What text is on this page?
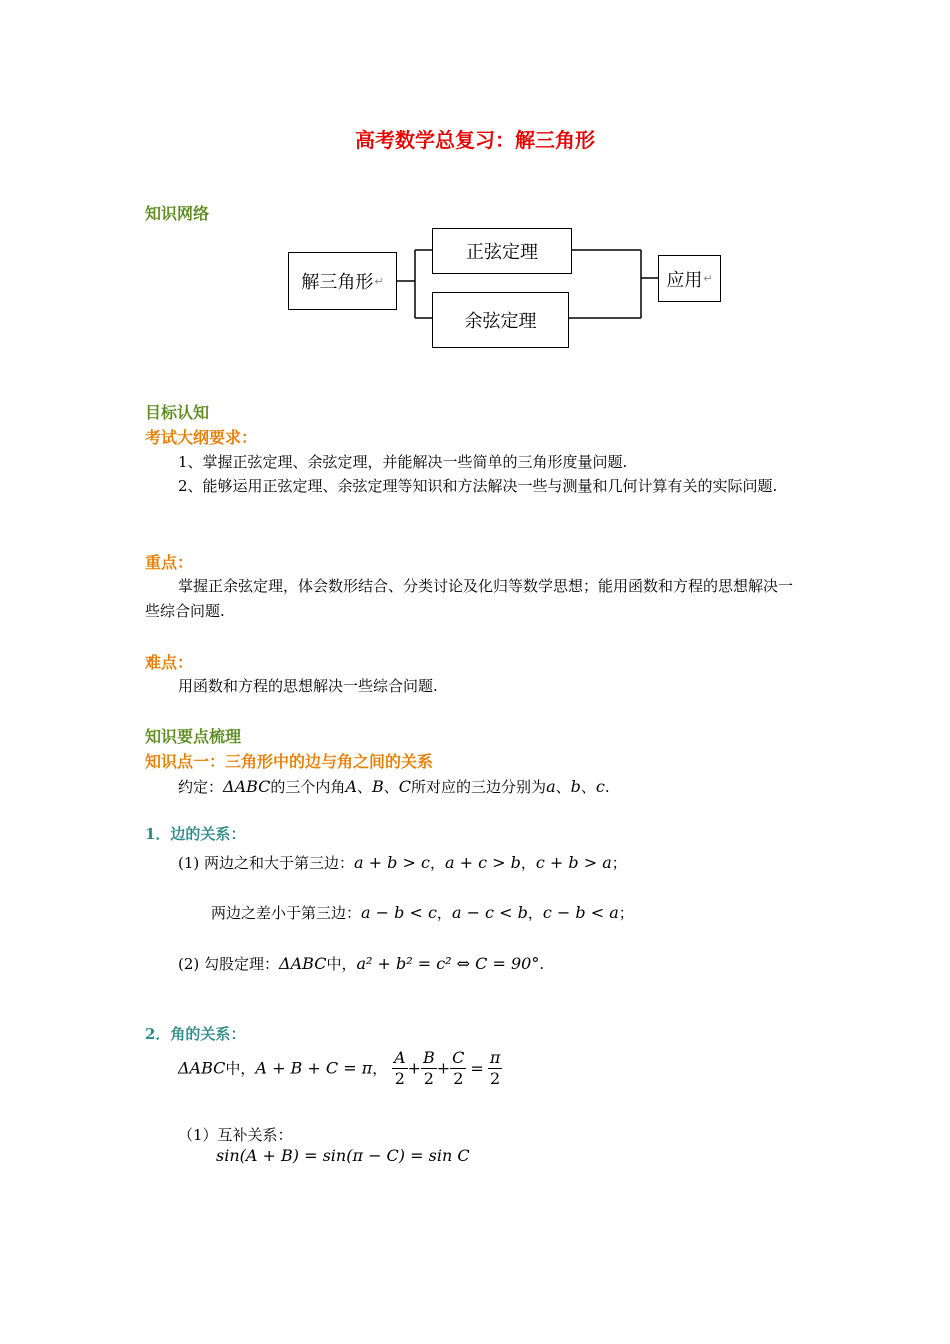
高考数学总复习：解三角形
知识网络
解三角形 ↵
正弦定理
余弦定理
应用 ↵
目标认知
考试大纲要求：
1、掌握正弦定理、余弦定理，并能解决一些简单的三角形度量问题.
2、能够运用正弦定理、余弦定理等知识和方法解决一些与测量和几何计算有关的实际问题.
重点：
掌握正余弦定理，体会数形结合、分类讨论及化归等数学思想；能用函数和方程的思想解决一些综合问题.
难点：
用函数和方程的思想解决一些综合问题.
知识要点梳理
知识点一：三角形中的边与角之间的关系
约定：ΔABC的三个内角A、B、C所对应的三边分别为a、b、c.
1．边的关系：
(1) 两边之和大于第三边：a + b > c，a + c > b，c + b > a；
两边之差小于第三边：a − b < c，a − c < b，c − b < a；
(2) 勾股定理：ΔABC中，a² + b² = c² ⇔ C = 90°.
2．角的关系：
ΔABC中，A + B + C = π， $\frac{A}{2} + \frac{B}{2} + \frac{C}{2} = \frac{\pi}{2}$
（1）互补关系：
sin(A + B) = sin(π − C) = sin C
